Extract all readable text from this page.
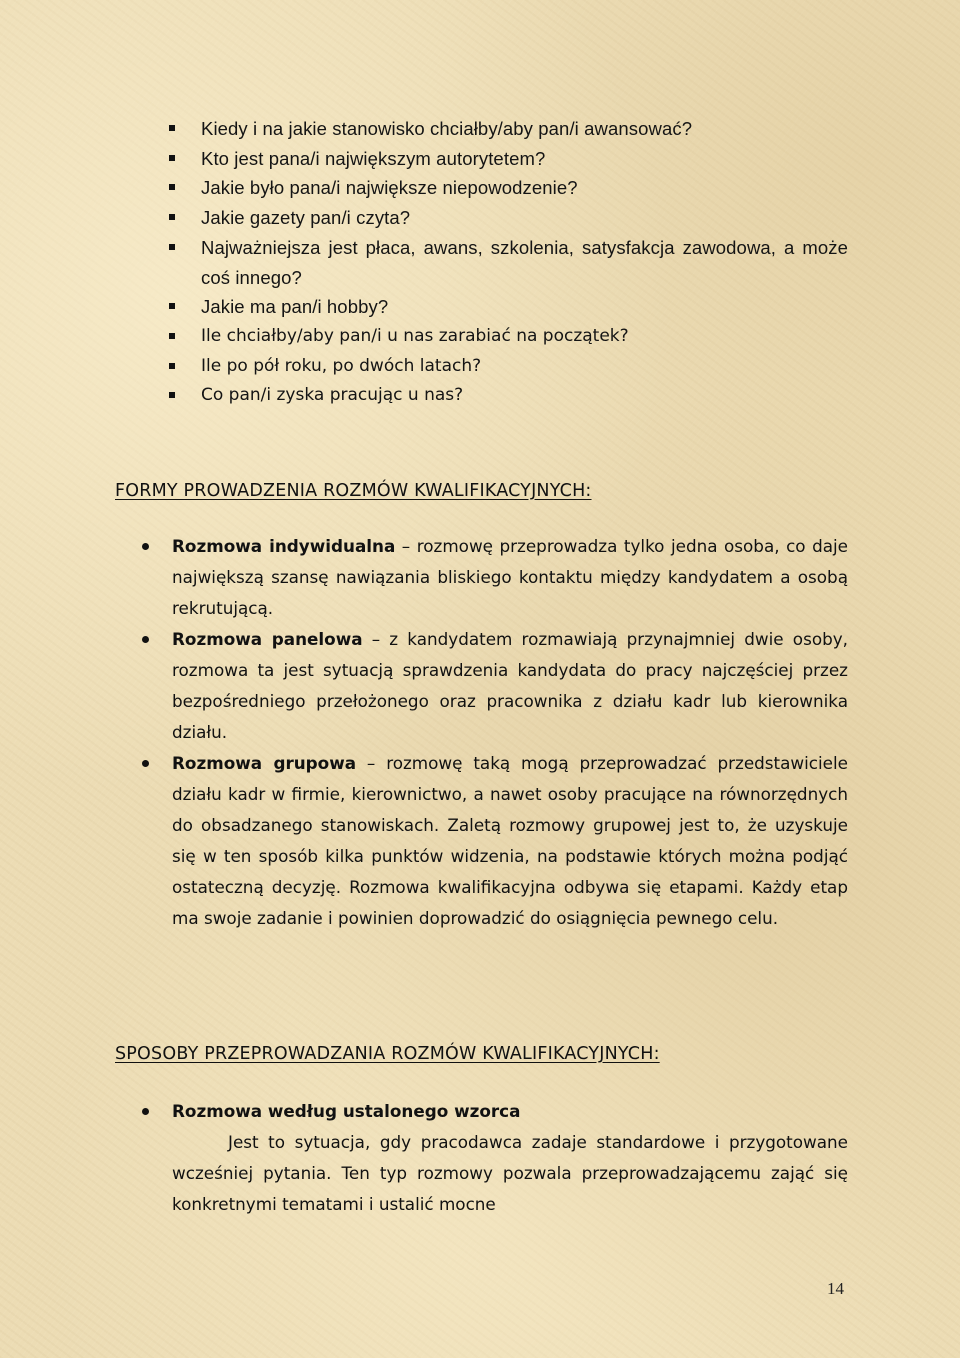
Kiedy i na jakie stanowisko chciałby/aby pan/i awansować?
Kto jest pana/i największym autorytetem?
Jakie było pana/i największe niepowodzenie?
Jakie gazety pan/i czyta?
Najważniejsza jest płaca, awans, szkolenia, satysfakcja zawodowa, a może coś innego?
Jakie ma pan/i hobby?
Ile chciałby/aby pan/i u nas zarabiać na początek?
Ile po pół roku, po dwóch latach?
Co pan/i zyska pracując u nas?
FORMY PROWADZENIA ROZMÓW KWALIFIKACYJNYCH:
Rozmowa indywidualna – rozmowę przeprowadza tylko jedna osoba, co daje największą szansę nawiązania bliskiego kontaktu między kandydatem a osobą rekrutującą.
Rozmowa panelowa – z kandydatem rozmawiają przynajmniej dwie osoby, rozmowa ta jest sytuacją sprawdzenia kandydata do pracy najczęściej przez bezpośredniego przełożonego oraz pracownika z działu kadr lub kierownika działu.
Rozmowa grupowa – rozmowę taką mogą przeprowadzać przedstawiciele działu kadr w firmie, kierownictwo, a nawet osoby pracujące na równorzędnych do obsadzanego stanowiskach. Zaletą rozmowy grupowej jest to, że uzyskuje się w ten sposób kilka punktów widzenia, na podstawie których można podjąć ostateczną decyzję. Rozmowa kwalifikacyjna odbywa się etapami. Każdy etap ma swoje zadanie i powinien doprowadzić do osiągnięcia pewnego celu.
SPOSOBY PRZEPROWADZANIA ROZMÓW KWALIFIKACYJNYCH:
Rozmowa według ustalonego wzorca
Jest to sytuacja, gdy pracodawca zadaje standardowe i przygotowane wcześniej pytania. Ten typ rozmowy pozwala przeprowadzającemu zająć się konkretnymi tematami i ustalić mocne
14
